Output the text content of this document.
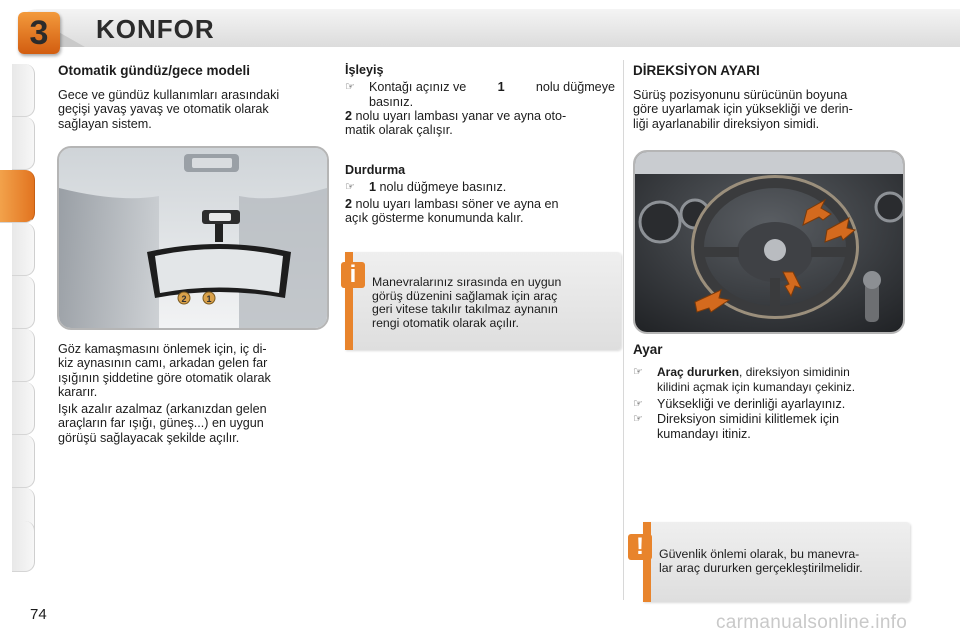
3	KONFOR
Otomatik gündüz/gece modeli

Gece ve gündüz kullanımları arasındaki

geçişi yavaş yavaş ve otomatik olarak

sağlayan sistem.

2 1

Göz kamaşmasını önlemek için, iç di-

kiz aynasının camı, arkadan gelen far

ışığının şiddetine göre otomatik olarak

kararır.

Işık azalır azalmaz (arkanızdan gelen

araçların far ışığı, güneş...) en uygun

görüşü sağlayacak şekilde açılır.

İşleyiş
☞	Kontağı açınız ve 1 nolu düğmeye
basınız.

2 nolu uyarı lambası yanar ve ayna oto-

matik olarak çalışır.

Durdurma
☞	1 nolu düğmeye basınız.

2 nolu uyarı lambası söner ve ayna en

açık gösterme konumunda kalır.

Manevralarınız sırasında en uygun
görüş düzenini sağlamak için araç
geri vitese takılır takılmaz aynanın
rengi otomatik olarak açılır.
i
DİREKSİYON AYARI

Sürüş pozisyonunu sürücünün boyuna

göre uyarlamak için yüksekliği ve derin-

liği ayarlanabilir direksiyon simidi.

Ayar
☞	Araç dururken, direksiyon simidinin
kilidini açmak için kumandayı çekiniz.
☞	Yüksekliği ve derinliği ayarlayınız.
☞	Direksiyon simidini kilitlemek için
kumandayı itiniz.
Güvenlik önlemi olarak, bu manevra-
lar araç dururken gerçekleştirilmelidir.
!
74	carmanualsonline.info
